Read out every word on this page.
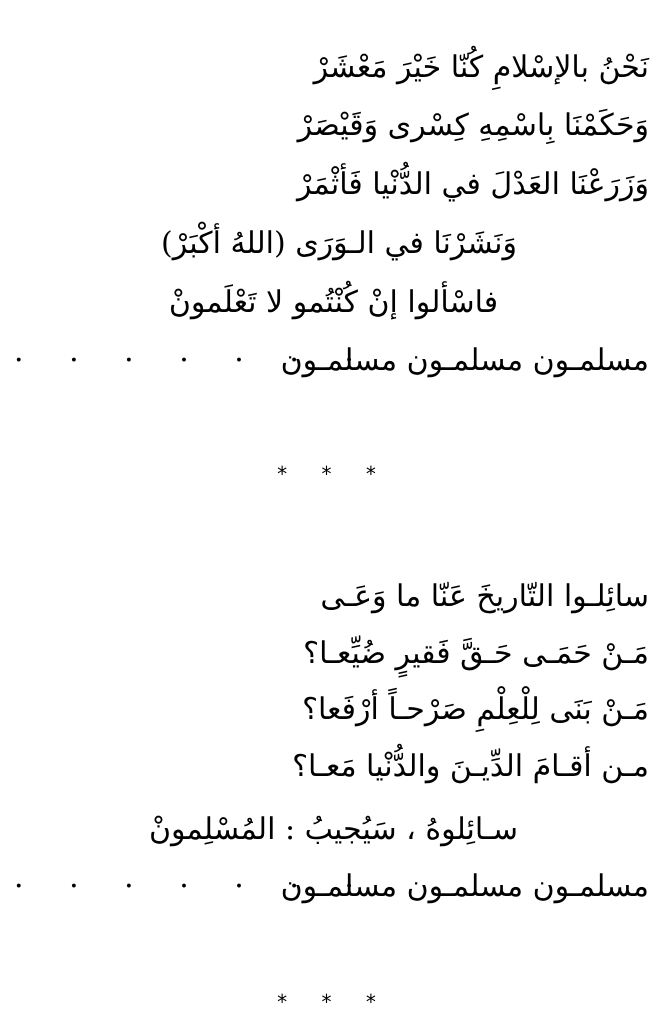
نَحْنُ بالإسْلامِ كُنّا خَيْرَ مَعْشَرْ
وَحَكَمْنَا بِاسْمِهِ كِسْرى وَقَيْصَرْ
وَزَرَعْنَا العَدْلَ في الدُّنْيا فَأثْمَرْ
وَنَشَرْنَا في الـوَرَى (اللهُ أكْبَرْ)
فاسْألوا إنْ كُنْتُمو لا تَعْلَمونْ
مسلمـون مسلمـون مسلمـون
· · · · · · ·
* * *
سائِلـوا التّاريخَ عَنّا ما وَعَـى
مَـنْ حَمَـى حَـقَّ فَقيرٍ ضُيِّعـا؟
مَـنْ بَنَى لِلْعِلْمِ صَرْحـاً أرْفَعا؟
مـن أقـامَ الدِّيـنَ والدُّنْيا مَعـا؟
سـائِلوهُ ، سَيُجيبُ : المُسْلِمونْ
مسلمـون مسلمـون مسلمـون
· · · · · · ·
* * *
